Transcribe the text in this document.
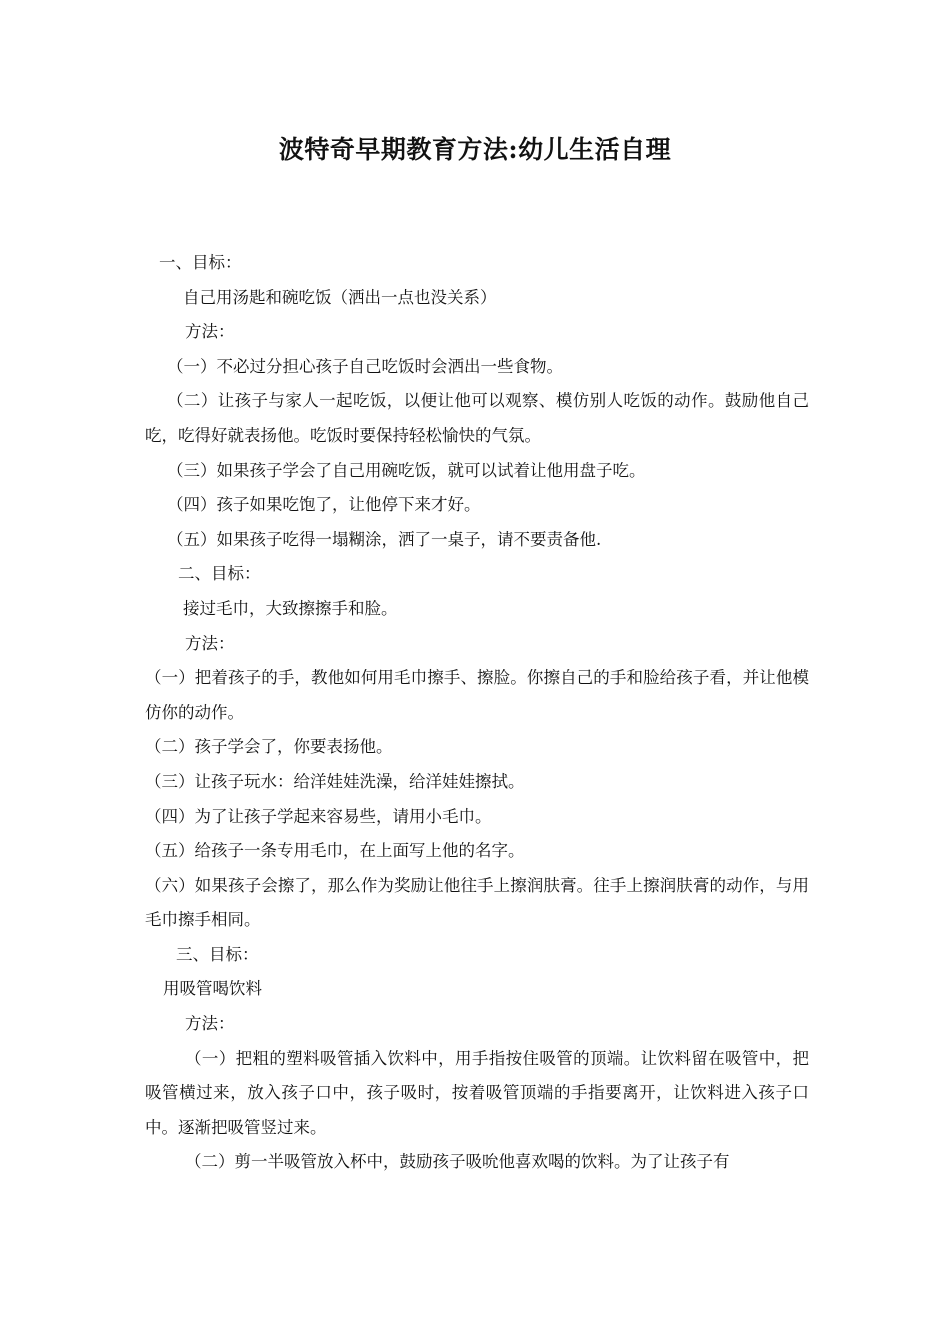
波特奇早期教育方法:幼儿生活自理

一、目标：

自己用汤匙和碗吃饭（洒出一点也没关系）

方法：

（一）不必过分担心孩子自己吃饭时会洒出一些食物。

（二）让孩子与家人一起吃饭，以便让他可以观察、模仿别人吃饭的动作。鼓励他自己吃，吃得好就表扬他。吃饭时要保持轻松愉快的气氛。

（三）如果孩子学会了自己用碗吃饭，就可以试着让他用盘子吃。

（四）孩子如果吃饱了，让他停下来才好。

（五）如果孩子吃得一塌糊涂，洒了一桌子，请不要责备他.

二、目标：

接过毛巾，大致擦擦手和脸。

方法：

（一）把着孩子的手，教他如何用毛巾擦手、擦脸。你擦自己的手和脸给孩子看，并让他模仿你的动作。

（二）孩子学会了，你要表扬他。

（三）让孩子玩水：给洋娃娃洗澡，给洋娃娃擦拭。

（四）为了让孩子学起来容易些，请用小毛巾。

（五）给孩子一条专用毛巾，在上面写上他的名字。

（六）如果孩子会擦了，那么作为奖励让他往手上擦润肤膏。往手上擦润肤膏的动作，与用毛巾擦手相同。

三、目标：

用吸管喝饮料

方法：

（一）把粗的塑料吸管插入饮料中，用手指按住吸管的顶端。让饮料留在吸管中，把吸管横过来，放入孩子口中，孩子吸时，按着吸管顶端的手指要离开，让饮料进入孩子口中。逐渐把吸管竖过来。

（二）剪一半吸管放入杯中，鼓励孩子吸吮他喜欢喝的饮料。为了让孩子有
